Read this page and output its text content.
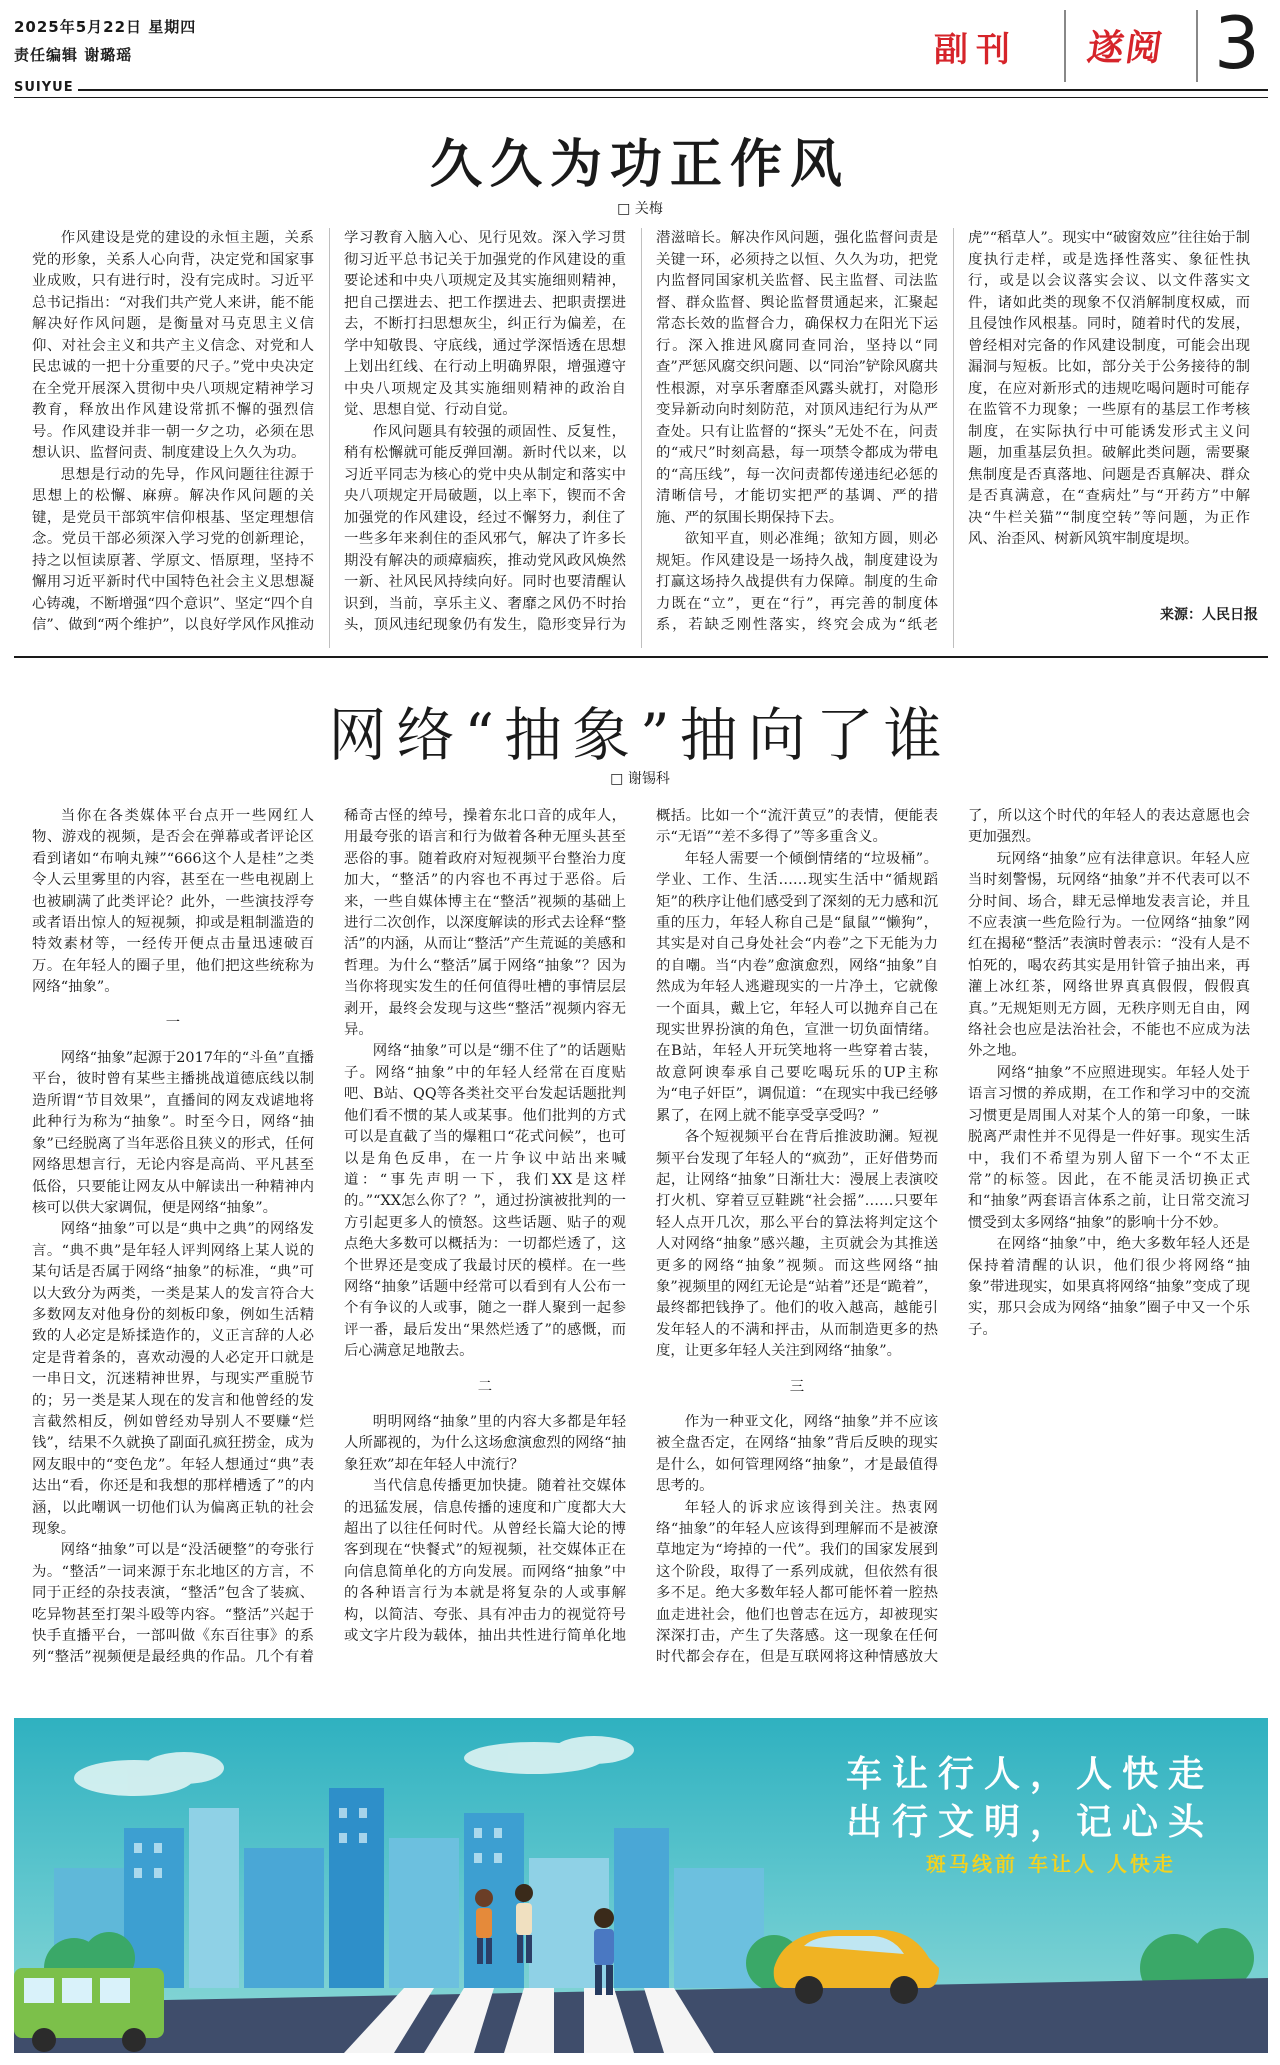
2025年5月22日 星期四
责任编辑 谢璐瑶
SUIYUE
副刊 遂阅 3
久久为功正作风
□ 关梅

作风建设是党的建设的永恒主题，关系党的形象，关系人心向背，决定党和国家事业成败，只有进行时，没有完成时。习近平总书记指出：“对我们共产党人来讲，能不能解决好作风问题，是衡量对马克思主义信仰、对社会主义和共产主义信念、对党和人民忠诚的一把十分重要的尺子。”党中央决定在全党开展深入贯彻中央八项规定精神学习教育，释放出作风建设常抓不懈的强烈信号。作风建设并非一朝一夕之功，必须在思想认识、监督问责、制度建设上久久为功。

思想是行动的先导，作风问题往往源于思想上的松懈、麻痹。解决作风问题的关键，是党员干部筑牢信仰根基、坚定理想信念。党员干部必须深入学习党的创新理论，持之以恒读原著、学原文、悟原理，坚持不懈用习近平新时代中国特色社会主义思想凝心铸魂，不断增强“四个意识”、坚定“四个自信”、做到“两个维护”，以良好学风作风推动学习教育入脑入心、见行见效。深入学习贯彻习近平总书记关于加强党的作风建设的重要论述和中央八项规定及其实施细则精神，把自己摆进去、把工作摆进去、把职责摆进去，不断打扫思想灰尘，纠正行为偏差，在学中知敬畏、守底线，通过学深悟透在思想上划出红线、在行动上明确界限，增强遵守中央八项规定及其实施细则精神的政治自觉、思想自觉、行动自觉。

作风问题具有较强的顽固性、反复性，稍有松懈就可能反弹回潮。新时代以来，以习近平同志为核心的党中央从制定和落实中央八项规定开局破题，以上率下，锲而不舍加强党的作风建设，经过不懈努力，刹住了一些多年来刹住的歪风邪气，解决了许多长期没有解决的顽瘴痼疾，推动党风政风焕然一新、社风民风持续向好。同时也要清醒认识到，当前，享乐主义、奢靡之风仍不时抬头，顶风违纪现象仍有发生，隐形变异行为潜滋暗长。解决作风问题，强化监督问责是关键一环，必须持之以恒、久久为功，把党内监督同国家机关监督、民主监督、司法监督、群众监督、舆论监督贯通起来，汇聚起常态长效的监督合力，确保权力在阳光下运行。深入推进风腐同查同治，坚持以“同查”严惩风腐交织问题、以“同治”铲除风腐共性根源，对享乐奢靡歪风露头就打，对隐形变异新动向时刻防范，对顶风违纪行为从严查处。只有让监督的“探头”无处不在，问责的“戒尺”时刻高悬，每一项禁令都成为带电的“高压线”，每一次问责都传递违纪必惩的清晰信号，才能切实把严的基调、严的措施、严的氛围长期保持下去。

欲知平直，则必准绳；欲知方圆，则必规矩。作风建设是一场持久战，制度建设为打赢这场持久战提供有力保障。制度的生命力既在“立”，更在“行”，再完善的制度体系，若缺乏刚性落实，终究会成为“纸老虎”“稻草人”。现实中“破窗效应”往往始于制度执行走样，或是选择性落实、象征性执行，或是以会议落实会议、以文件落实文件，诸如此类的现象不仅消解制度权威，而且侵蚀作风根基。同时，随着时代的发展，曾经相对完备的作风建设制度，可能会出现漏洞与短板。比如，部分关于公务接待的制度，在应对新形式的违规吃喝问题时可能存在监管不力现象；一些原有的基层工作考核制度，在实际执行中可能诱发形式主义问题，加重基层负担。破解此类问题，需要聚焦制度是否真落地、问题是否真解决、群众是否真满意，在“查病灶”与“开药方”中解决“牛栏关猫”“制度空转”等问题，为正作风、治歪风、树新风筑牢制度堤坝。

来源：人民日报
网络“抽象”抽向了谁
□ 谢锡科

当你在各类媒体平台点开一些网红人物、游戏的视频，是否会在弹幕或者评论区看到诸如“布响丸辣”“666这个人是桂”之类令人云里雾里的内容，甚至在一些电视剧上也被刷满了此类评论？此外，一些演技浮夸或者语出惊人的短视频，抑或是粗制滥造的特效素材等，一经传开便点击量迅速破百万。在年轻人的圈子里，他们把这些统称为网络“抽象”。

一

网络“抽象”起源于2017年的“斗鱼”直播平台，彼时曾有某些主播挑战道德底线以制造所谓“节目效果”，直播间的网友戏谑地将此种行为称为“抽象”。时至今日，网络“抽象”已经脱离了当年恶俗且狭义的形式，任何网络思想言行，无论内容是高尚、平凡甚至低俗，只要能让网友从中解读出一种精神内核可以供大家调侃，便是网络“抽象”。

网络“抽象”可以是“典中之典”的网络发言。“典不典”是年轻人评判网络上某人说的某句话是否属于网络“抽象”的标准，“典”可以大致分为两类，一类是某人的发言符合大多数网友对他身份的刻板印象，例如生活精致的人必定是矫揉造作的，义正言辞的人必定是背着条的，喜欢动漫的人必定开口就是一串日文，沉迷精神世界，与现实严重脱节的；另一类是某人现在的发言和他曾经的发言截然相反，例如曾经劝导别人不要赚“烂钱”，结果不久就换了副面孔疯狂捞金，成为网友眼中的“变色龙”。年轻人想通过“典”表达出“看，你还是和我想的那样槽透了”的内涵，以此嘲讽一切他们认为偏离正轨的社会现象。

网络“抽象”可以是“没活硬整”的夸张行为。“整活”一词来源于东北地区的方言，不同于正经的杂技表演，“整活”包含了装疯、吃异物甚至打架斗殴等内容。“整活”兴起于快手直播平台，一部叫做《东百往事》的系列“整活”视频便是最经典的作品。几个有着稀奇古怪的绰号，操着东北口音的成年人，用最夸张的语言和行为做着各种无厘头甚至恶俗的事。随着政府对短视频平台整治力度加大，“整活”的内容也不再过于恶俗。后来，一些自媒体博主在“整活”视频的基础上进行二次创作，以深度解读的形式去诠释“整活”的内涵，从而让“整活”产生荒诞的美感和哲理。为什么“整活”属于网络“抽象”？因为当你将现实发生的任何值得吐槽的事情层层剥开，最终会发现与这些“整活”视频内容无异。

网络“抽象”可以是“绷不住了”的话题贴子。网络“抽象”中的年轻人经常在百度贴吧、B站、QQ等各类社交平台发起话题批判他们看不惯的某人或某事。他们批判的方式可以是直截了当的爆粗口“花式问候”，也可以是角色反串，在一片争议中站出来喊道：“事先声明一下，我们XX是这样的。”“XX怎么你了？”，通过扮演被批判的一方引起更多人的愤怒。这些话题、贴子的观点绝大多数可以概括为：一切都烂透了，这个世界还是变成了我最讨厌的模样。在一些网络“抽象”话题中经常可以看到有人公布一个有争议的人或事，随之一群人聚到一起参评一番，最后发出“果然烂透了”的感慨，而后心满意足地散去。

二

明明网络“抽象”里的内容大多都是年轻人所鄙视的，为什么这场愈演愈烈的网络“抽象狂欢”却在年轻人中流行？

当代信息传播更加快捷。随着社交媒体的迅猛发展，信息传播的速度和广度都大大超出了以往任何时代。从曾经长篇大论的博客到现在“快餐式”的短视频，社交媒体正在向信息简单化的方向发展。而网络“抽象”中的各种语言行为本就是将复杂的人或事解构，以简洁、夸张、具有冲击力的视觉符号或文字片段为载体，抽出共性进行简单化地概括。比如一个“流汗黄豆”的表情，便能表示“无语”“差不多得了”等多重含义。

年轻人需要一个倾倒情绪的“垃圾桶”。学业、工作、生活……现实生活中“循规蹈矩”的秩序让他们感受到了深刻的无力感和沉重的压力，年轻人称自己是“鼠鼠”“懒狗”，其实是对自己身处社会“内卷”之下无能为力的自嘲。当“内卷”愈演愈烈，网络“抽象”自然成为年轻人逃避现实的一片净土，它就像一个面具，戴上它，年轻人可以抛弃自己在现实世界扮演的角色，宣泄一切负面情绪。在B站，年轻人开玩笑地将一些穿着古装，故意阿谀奉承自己要吃喝玩乐的UP主称为“电子奸臣”，调侃道：“在现实中我已经够累了，在网上就不能享受享受吗？”

各个短视频平台在背后推波助澜。短视频平台发现了年轻人的“疯劲”，正好借势而起，让网络“抽象”日渐壮大：漫展上表演咬打火机、穿着豆豆鞋跳“社会摇”……只要年轻人点开几次，那么平台的算法将判定这个人对网络“抽象”感兴趣，主页就会为其推送更多的网络“抽象”视频。而这些网络“抽象”视频里的网红无论是“站着”还是“跪着”，最终都把钱挣了。他们的收入越高，越能引发年轻人的不满和抨击，从而制造更多的热度，让更多年轻人关注到网络“抽象”。

三

作为一种亚文化，网络“抽象”并不应该被全盘否定，在网络“抽象”背后反映的现实是什么，如何管理网络“抽象”，才是最值得思考的。

年轻人的诉求应该得到关注。热衷网络“抽象”的年轻人应该得到理解而不是被潦草地定为“垮掉的一代”。我们的国家发展到这个阶段，取得了一系列成就，但依然有很多不足。绝大多数年轻人都可能怀着一腔热血走进社会，他们也曾志在远方，却被现实深深打击，产生了失落感。这一现象在任何时代都会存在，但是互联网将这种情感放大了，所以这个时代的年轻人的表达意愿也会更加强烈。

玩网络“抽象”应有法律意识。年轻人应当时刻警惕，玩网络“抽象”并不代表可以不分时间、场合，肆无忌惮地发表言论，并且不应表演一些危险行为。一位网络“抽象”网红在揭秘“整活”表演时曾表示：“没有人是不怕死的，喝农药其实是用针管子抽出来，再灌上冰红茶，网络世界真真假假，假假真真。”无规矩则无方圆，无秩序则无自由，网络社会也应是法治社会，不能也不应成为法外之地。

网络“抽象”不应照进现实。年轻人处于语言习惯的养成期，在工作和学习中的交流习惯更是周围人对某个人的第一印象，一昧脱离严肃性并不见得是一件好事。现实生活中，我们不希望为别人留下一个“不太正常”的标签。因此，在不能灵活切换正式和“抽象”两套语言体系之前，让日常交流习惯受到太多网络“抽象”的影响十分不妙。

在网络“抽象”中，绝大多数年轻人还是保持着清醒的认识，他们很少将网络“抽象”带进现实，如果真将网络“抽象”变成了现实，那只会成为网络“抽象”圈子中又一个乐子。

车让行人，人快走
出行文明，记心头
斑马线前 车让人 人快走
